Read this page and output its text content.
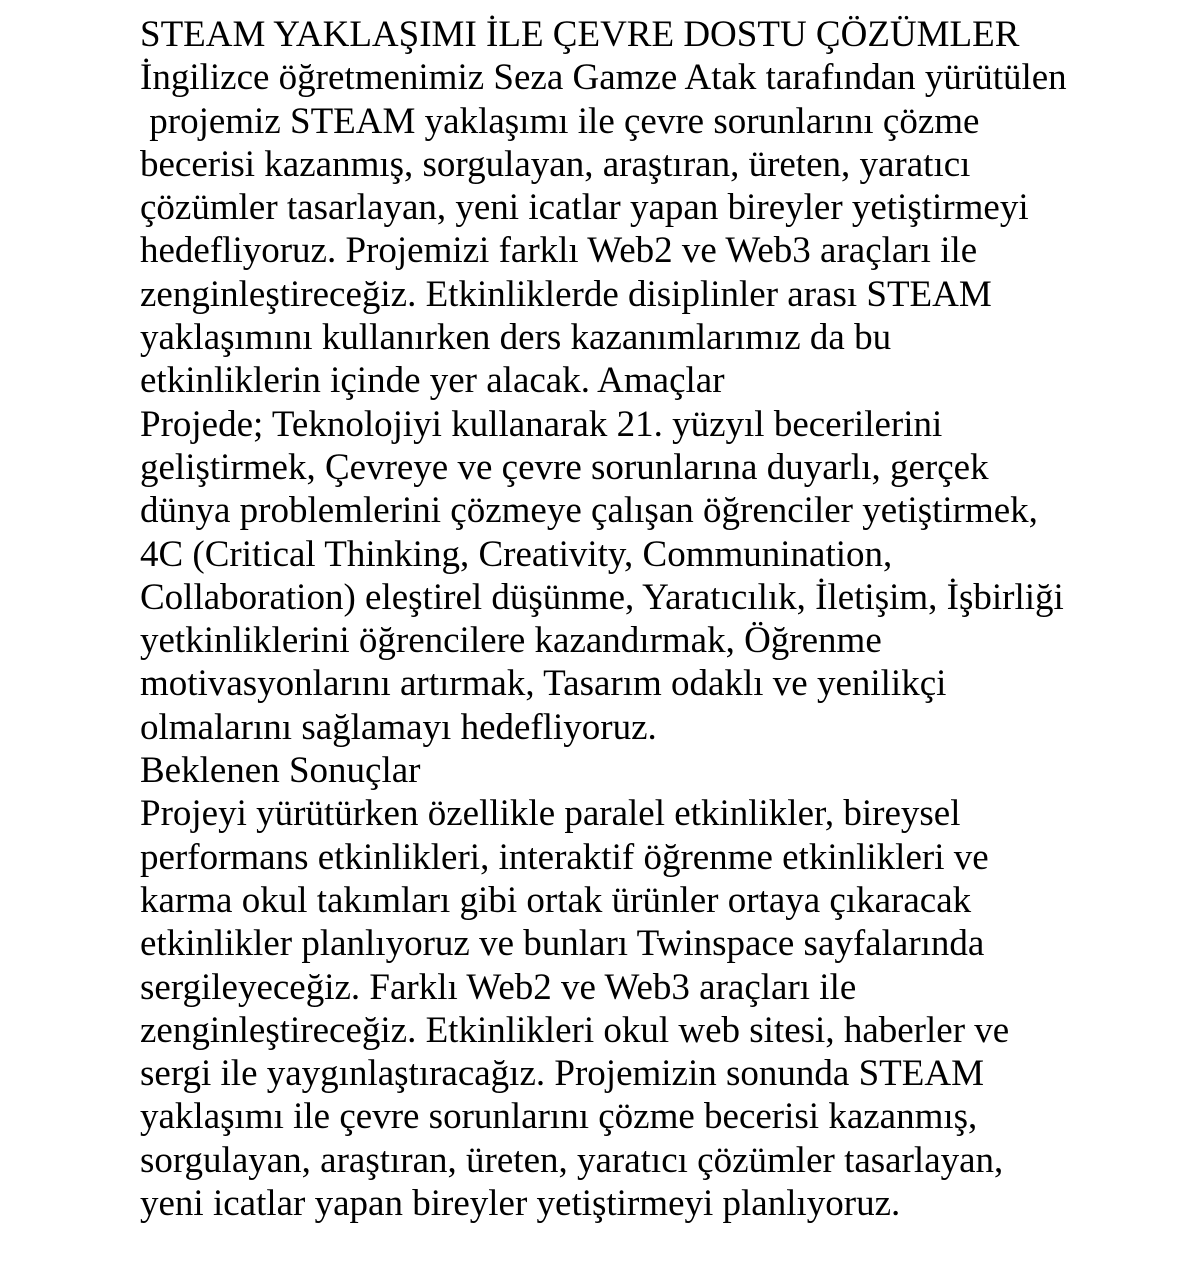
STEAM YAKLAŞIMI İLE ÇEVRE DOSTU ÇÖZÜMLER
İngilizce öğretmenimiz Seza Gamze Atak tarafından yürütülen
projemiz STEAM yaklaşımı ile çevre sorunlarını çözme
becerisi kazanmış, sorgulayan, araştıran, üreten, yaratıcı
çözümler tasarlayan, yeni icatlar yapan bireyler yetiştirmeyi
hedefliyoruz. Projemizi farklı Web2 ve Web3 araçları ile
zenginleştireceğiz. Etkinliklerde disiplinler arası STEAM
yaklaşımını kullanırken ders kazanımlarımız da bu
etkinliklerin içinde yer alacak. Amaçlar
Projede; Teknolojiyi kullanarak 21. yüzyıl becerilerini
geliştirmek, Çevreye ve çevre sorunlarına duyarlı, gerçek
dünya problemlerini çözmeye çalışan öğrenciler yetiştirmek,
4C (Critical Thinking, Creativity, Communination,
Collaboration) eleştirel düşünme, Yaratıcılık, İletişim, İşbirliği
yetkinliklerini öğrencilere kazandırmak, Öğrenme
motivasyonlarını artırmak, Tasarım odaklı ve yenilikçi
olmalarını sağlamayı hedefliyoruz.
Beklenen Sonuçlar
Projeyi yürütürken özellikle paralel etkinlikler, bireysel
performans etkinlikleri, interaktif öğrenme etkinlikleri ve
karma okul takımları gibi ortak ürünler ortaya çıkaracak
etkinlikler planlıyoruz ve bunları Twinspace sayfalarında
sergileyeceğiz. Farklı Web2 ve Web3 araçları ile
zenginleştireceğiz. Etkinlikleri okul web sitesi, haberler ve
sergi ile yaygınlaştıracağız. Projemizin sonunda STEAM
yaklaşımı ile çevre sorunlarını çözme becerisi kazanmış,
sorgulayan, araştıran, üreten, yaratıcı çözümler tasarlayan,
yeni icatlar yapan bireyler yetiştirmeyi planlıyoruz.
